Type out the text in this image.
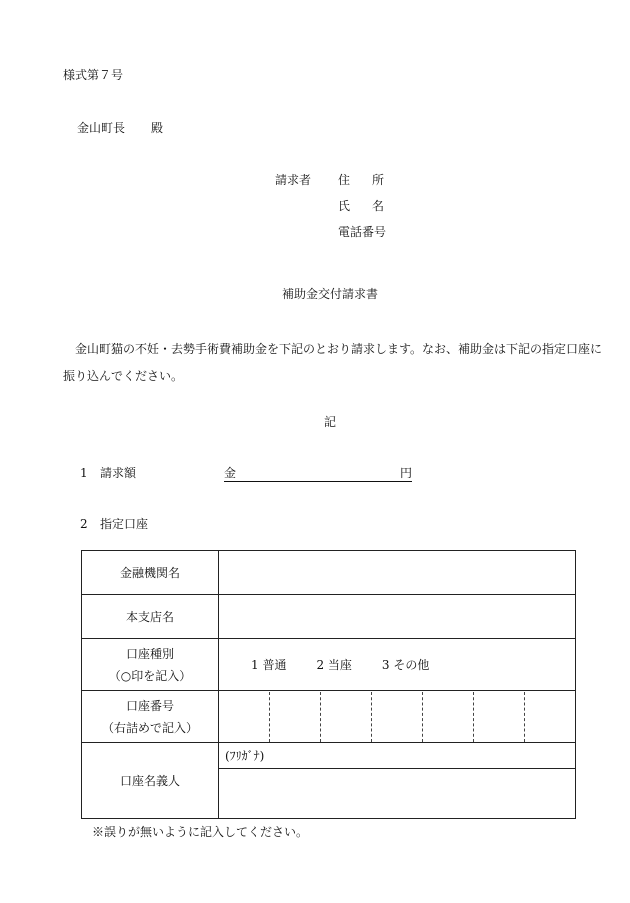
様式第７号
金山町長 殿
請求者 住所
氏名
電話番号
補助金交付請求書
金山町猫の不妊・去勢手術費補助金を下記のとおり請求します。なお、補助金は下記の指定口座に振り込んでください。
記
1 請求額	金	円
2 指定口座
金融機関名	
本支店名	

口座種別
（○印を記入）	1 普通 2 当座 3 その他

口座番号
（右詰めで記入）	

口座名義人	(ﾌﾘｶﾞﾅ)

※誤りが無いように記入してください。
